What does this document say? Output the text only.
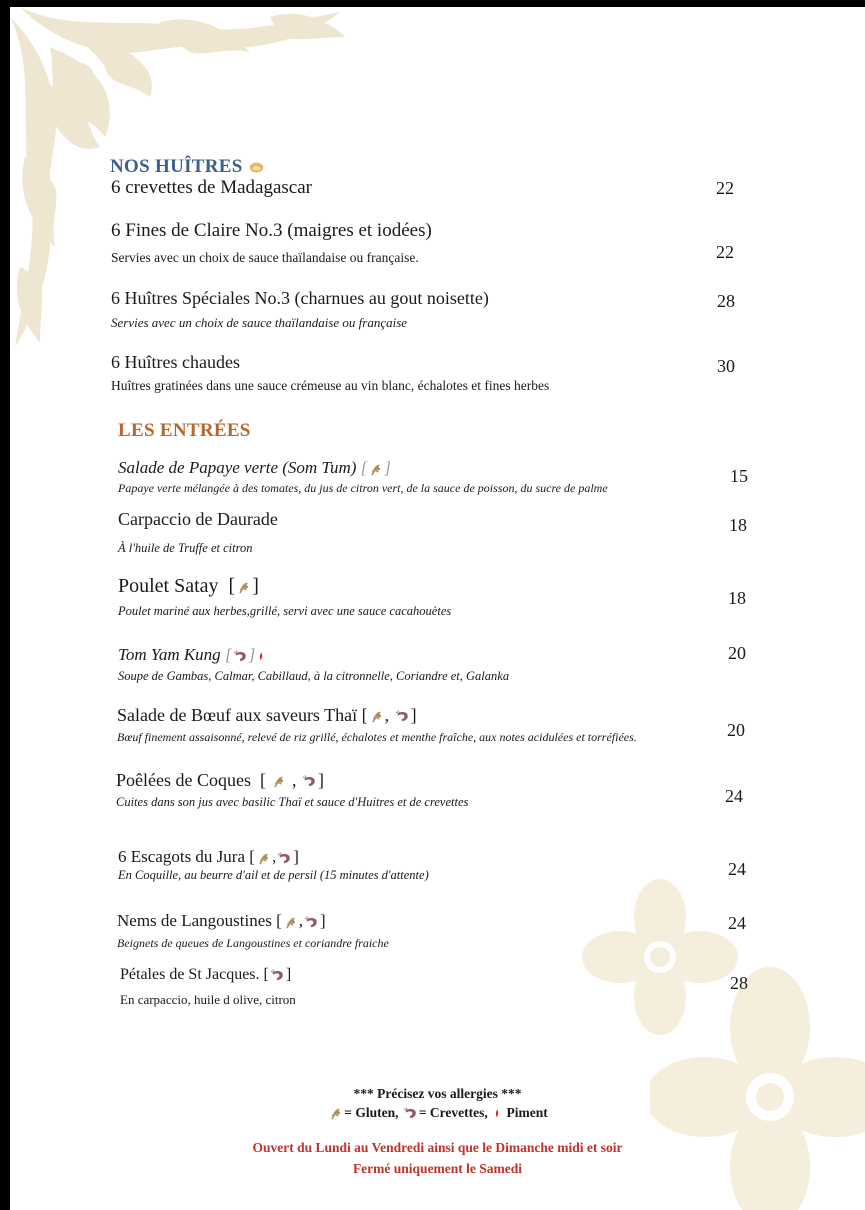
NOS HUÎTRES
6 crevettes de Madagascar	22
6 Fines de Claire No.3 (maigres et iodées)
Servies avec un choix de sauce thaïlandaise ou française.	22
6 Huîtres Spéciales No.3 (charnues au gout noisette)
Servies avec un choix de sauce thaïlandaise ou française
28
6 Huîtres chaudes
Huîtres gratinées dans une sauce crémeuse au vin blanc, échalotes et fines herbes
30
LES ENTRÉES
Salade de Papaye verte (Som Tum) [ ]
Papaye verte mélangée à des tomates, du jus de citron vert, de la sauce de poisson, du sucre de palme
15
Carpaccio de Daurade
À l'huile de Truffe et citron
18
Poulet Satay  [ ]
Poulet mariné aux herbes,grillé, servi avec une sauce cacahouètes
18
Tom Yam Kung [ ]
Soupe de Gambas, Calmar, Cabillaud, à la citronnelle, Coriandre et, Galanka
20
Salade de Bœuf aux saveurs Thaï [ ,
]
Bœuf finement assaisonné, relevé de riz grillé, échalotes et menthe fraîche, aux notes acidulées et torréfiées.	20
Poêlées de Coques  [
,
]
Cuites dans son jus avec basilic Thaï et sauce d'Huitres et de crevettes	24
6 Escagots du Jura [ , ]
En Coquille, au beurre d'ail et de persil (15 minutes d'attente)	24
Nems de Langoustines [ , ]
Beignets de queues de Langoustines et coriandre fraiche
24
Pétales de St Jacques. [ ]
En carpaccio, huile d olive, citron
28
*** Précisez vos allergies ***
= Gluten, = Crevettes, Piment
Ouvert du Lundi au Vendredi ainsi que le Dimanche midi et soir
Fermé uniquement le Samedi
